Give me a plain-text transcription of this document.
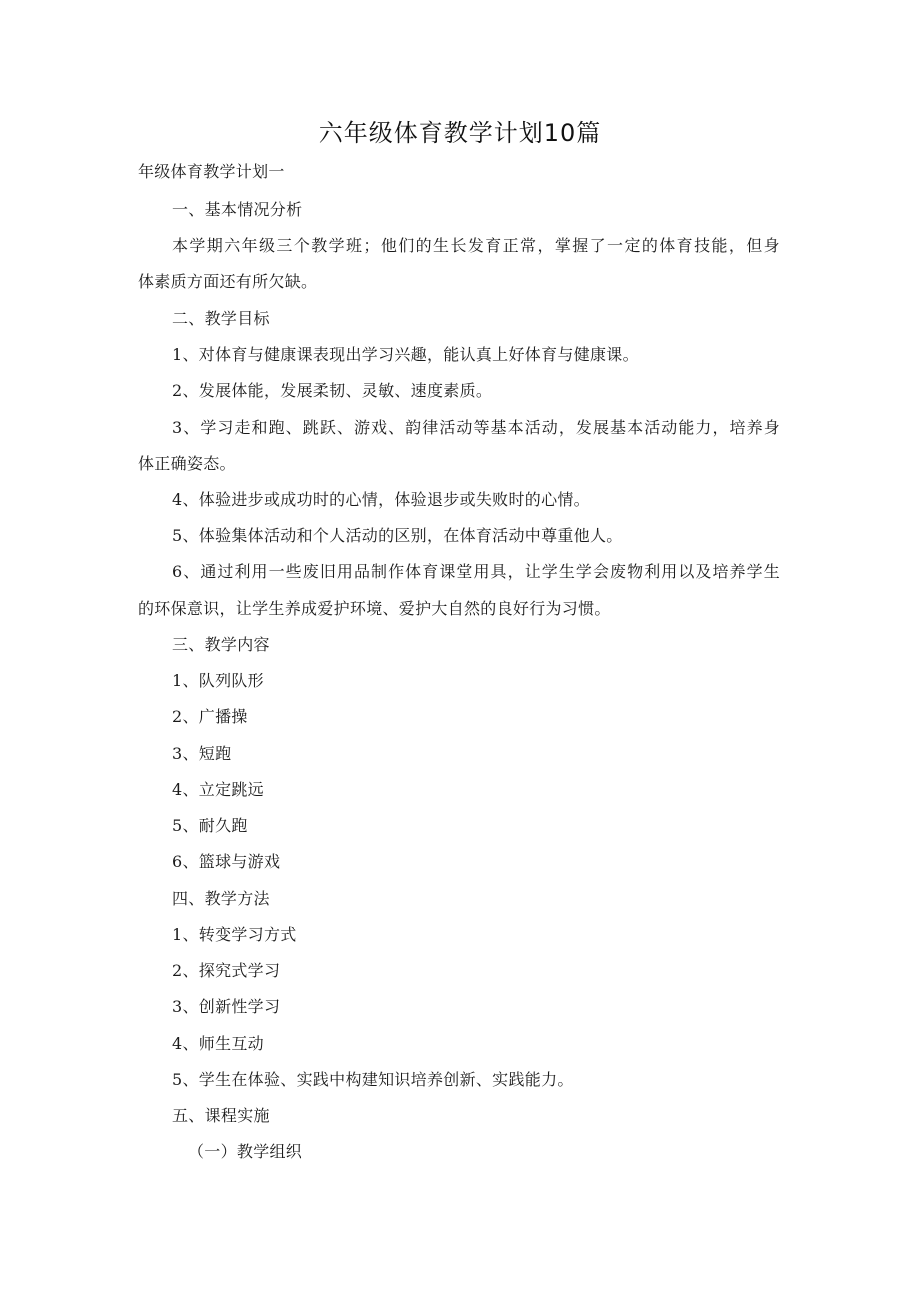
六年级体育教学计划10篇
年级体育教学计划一
一、基本情况分析
本学期六年级三个教学班；他们的生长发育正常，掌握了一定的体育技能，但身
体素质方面还有所欠缺。
二、教学目标
1、对体育与健康课表现出学习兴趣，能认真上好体育与健康课。
2、发展体能，发展柔韧、灵敏、速度素质。
3、学习走和跑、跳跃、游戏、韵律活动等基本活动，发展基本活动能力，培养身
体正确姿态。
4、体验进步或成功时的心情，体验退步或失败时的心情。
5、体验集体活动和个人活动的区别，在体育活动中尊重他人。
6、通过利用一些废旧用品制作体育课堂用具，让学生学会废物利用以及培养学生
的环保意识，让学生养成爱护环境、爱护大自然的良好行为习惯。
三、教学内容
1、队列队形
2、广播操
3、短跑
4、立定跳远
5、耐久跑
6、篮球与游戏
四、教学方法
1、转变学习方式
2、探究式学习
3、创新性学习
4、师生互动
5、学生在体验、实践中构建知识培养创新、实践能力。
五、课程实施
（一）教学组织
